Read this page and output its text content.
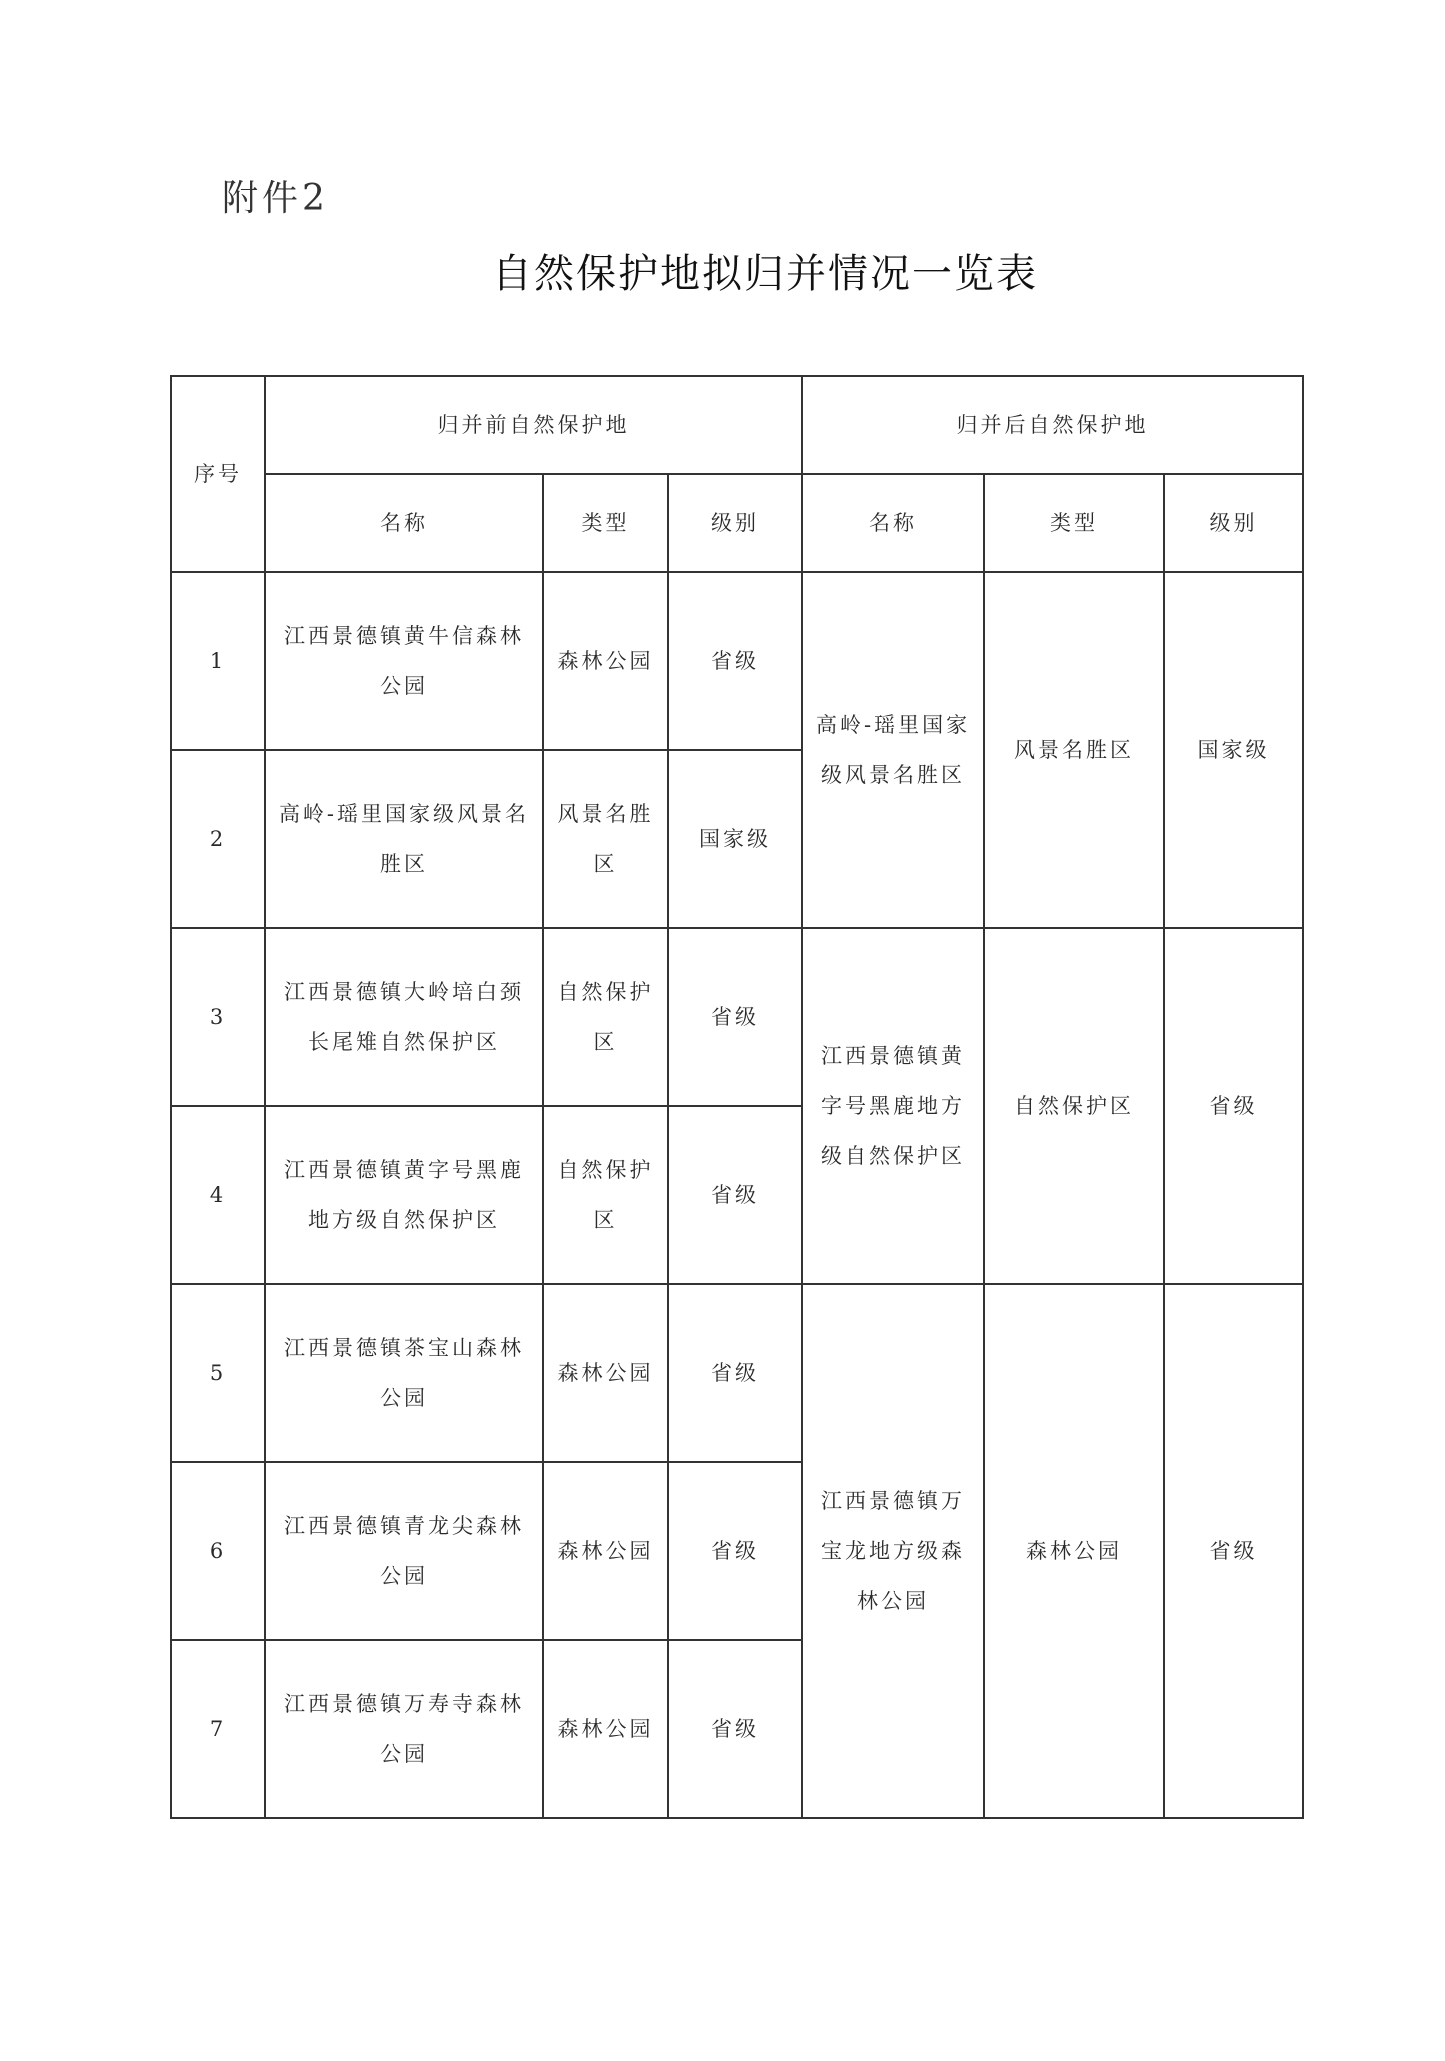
附件2
自然保护地拟归并情况一览表
序号	归并前自然保护地			归并后自然保护地		
	名称	类型	级别	名称	类型	级别
1	江西景德镇黄牛信森林公园	森林公园	省级	高岭-瑶里国家级风景名胜区	风景名胜区	国家级
2	高岭-瑶里国家级风景名胜区	风景名胜区	国家级			
3	江西景德镇大岭培白颈长尾雉自然保护区	自然保护区	省级	江西景德镇黄字号黑鹿地方级自然保护区	自然保护区	省级
4	江西景德镇黄字号黑鹿地方级自然保护区	自然保护区	省级			
5	江西景德镇茶宝山森林公园	森林公园	省级	江西景德镇万宝龙地方级森林公园	森林公园	省级
6	江西景德镇青龙尖森林公园	森林公园	省级			
7	江西景德镇万寿寺森林公园	森林公园	省级			
